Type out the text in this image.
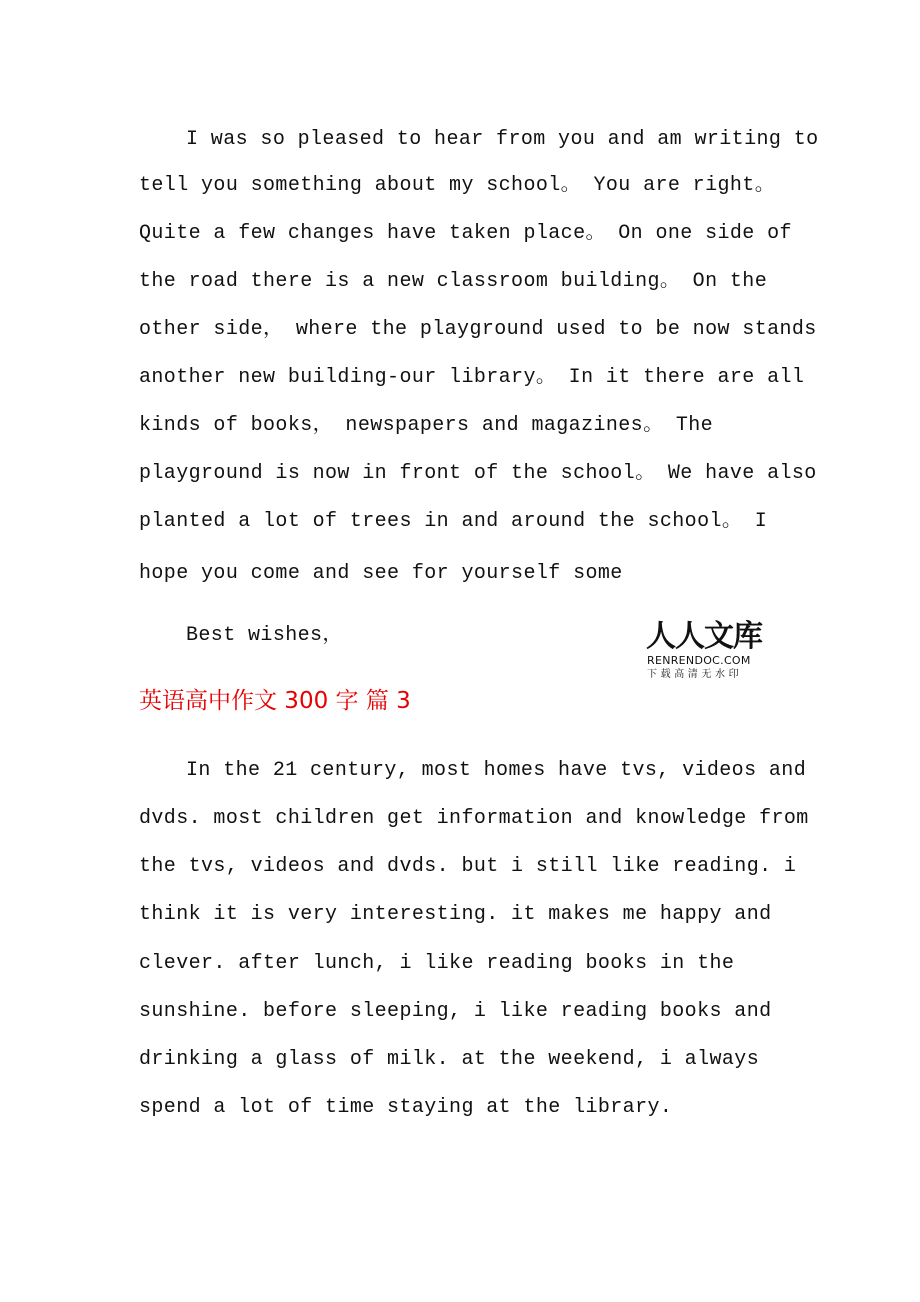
I was so pleased to hear from you and am writing to
tell you something about my school。 You are right。
Quite a few changes have taken place。 On one side of
the road there is a new classroom building。 On the
other side， where the playground used to be now stands
another new building-our library。 In it there are all
kinds of books， newspapers and magazines。 The
playground is now in front of the school。 We have also
planted a lot of trees in and around the school。 I
hope you come and see for yourself some
Best wishes，	人人文库
RENRENDOC.COM
下载高清无水印
英语高中作文 300 字 篇 3
In the 21 century, most homes have tvs, videos and
dvds. most children get information and knowledge from
the tvs, videos and dvds. but i still like reading. i
think it is very interesting. it makes me happy and
clever. after lunch, i like reading books in the
sunshine. before sleeping, i like reading books and
drinking a glass of milk. at the weekend, i always
spend a lot of time staying at the library.
